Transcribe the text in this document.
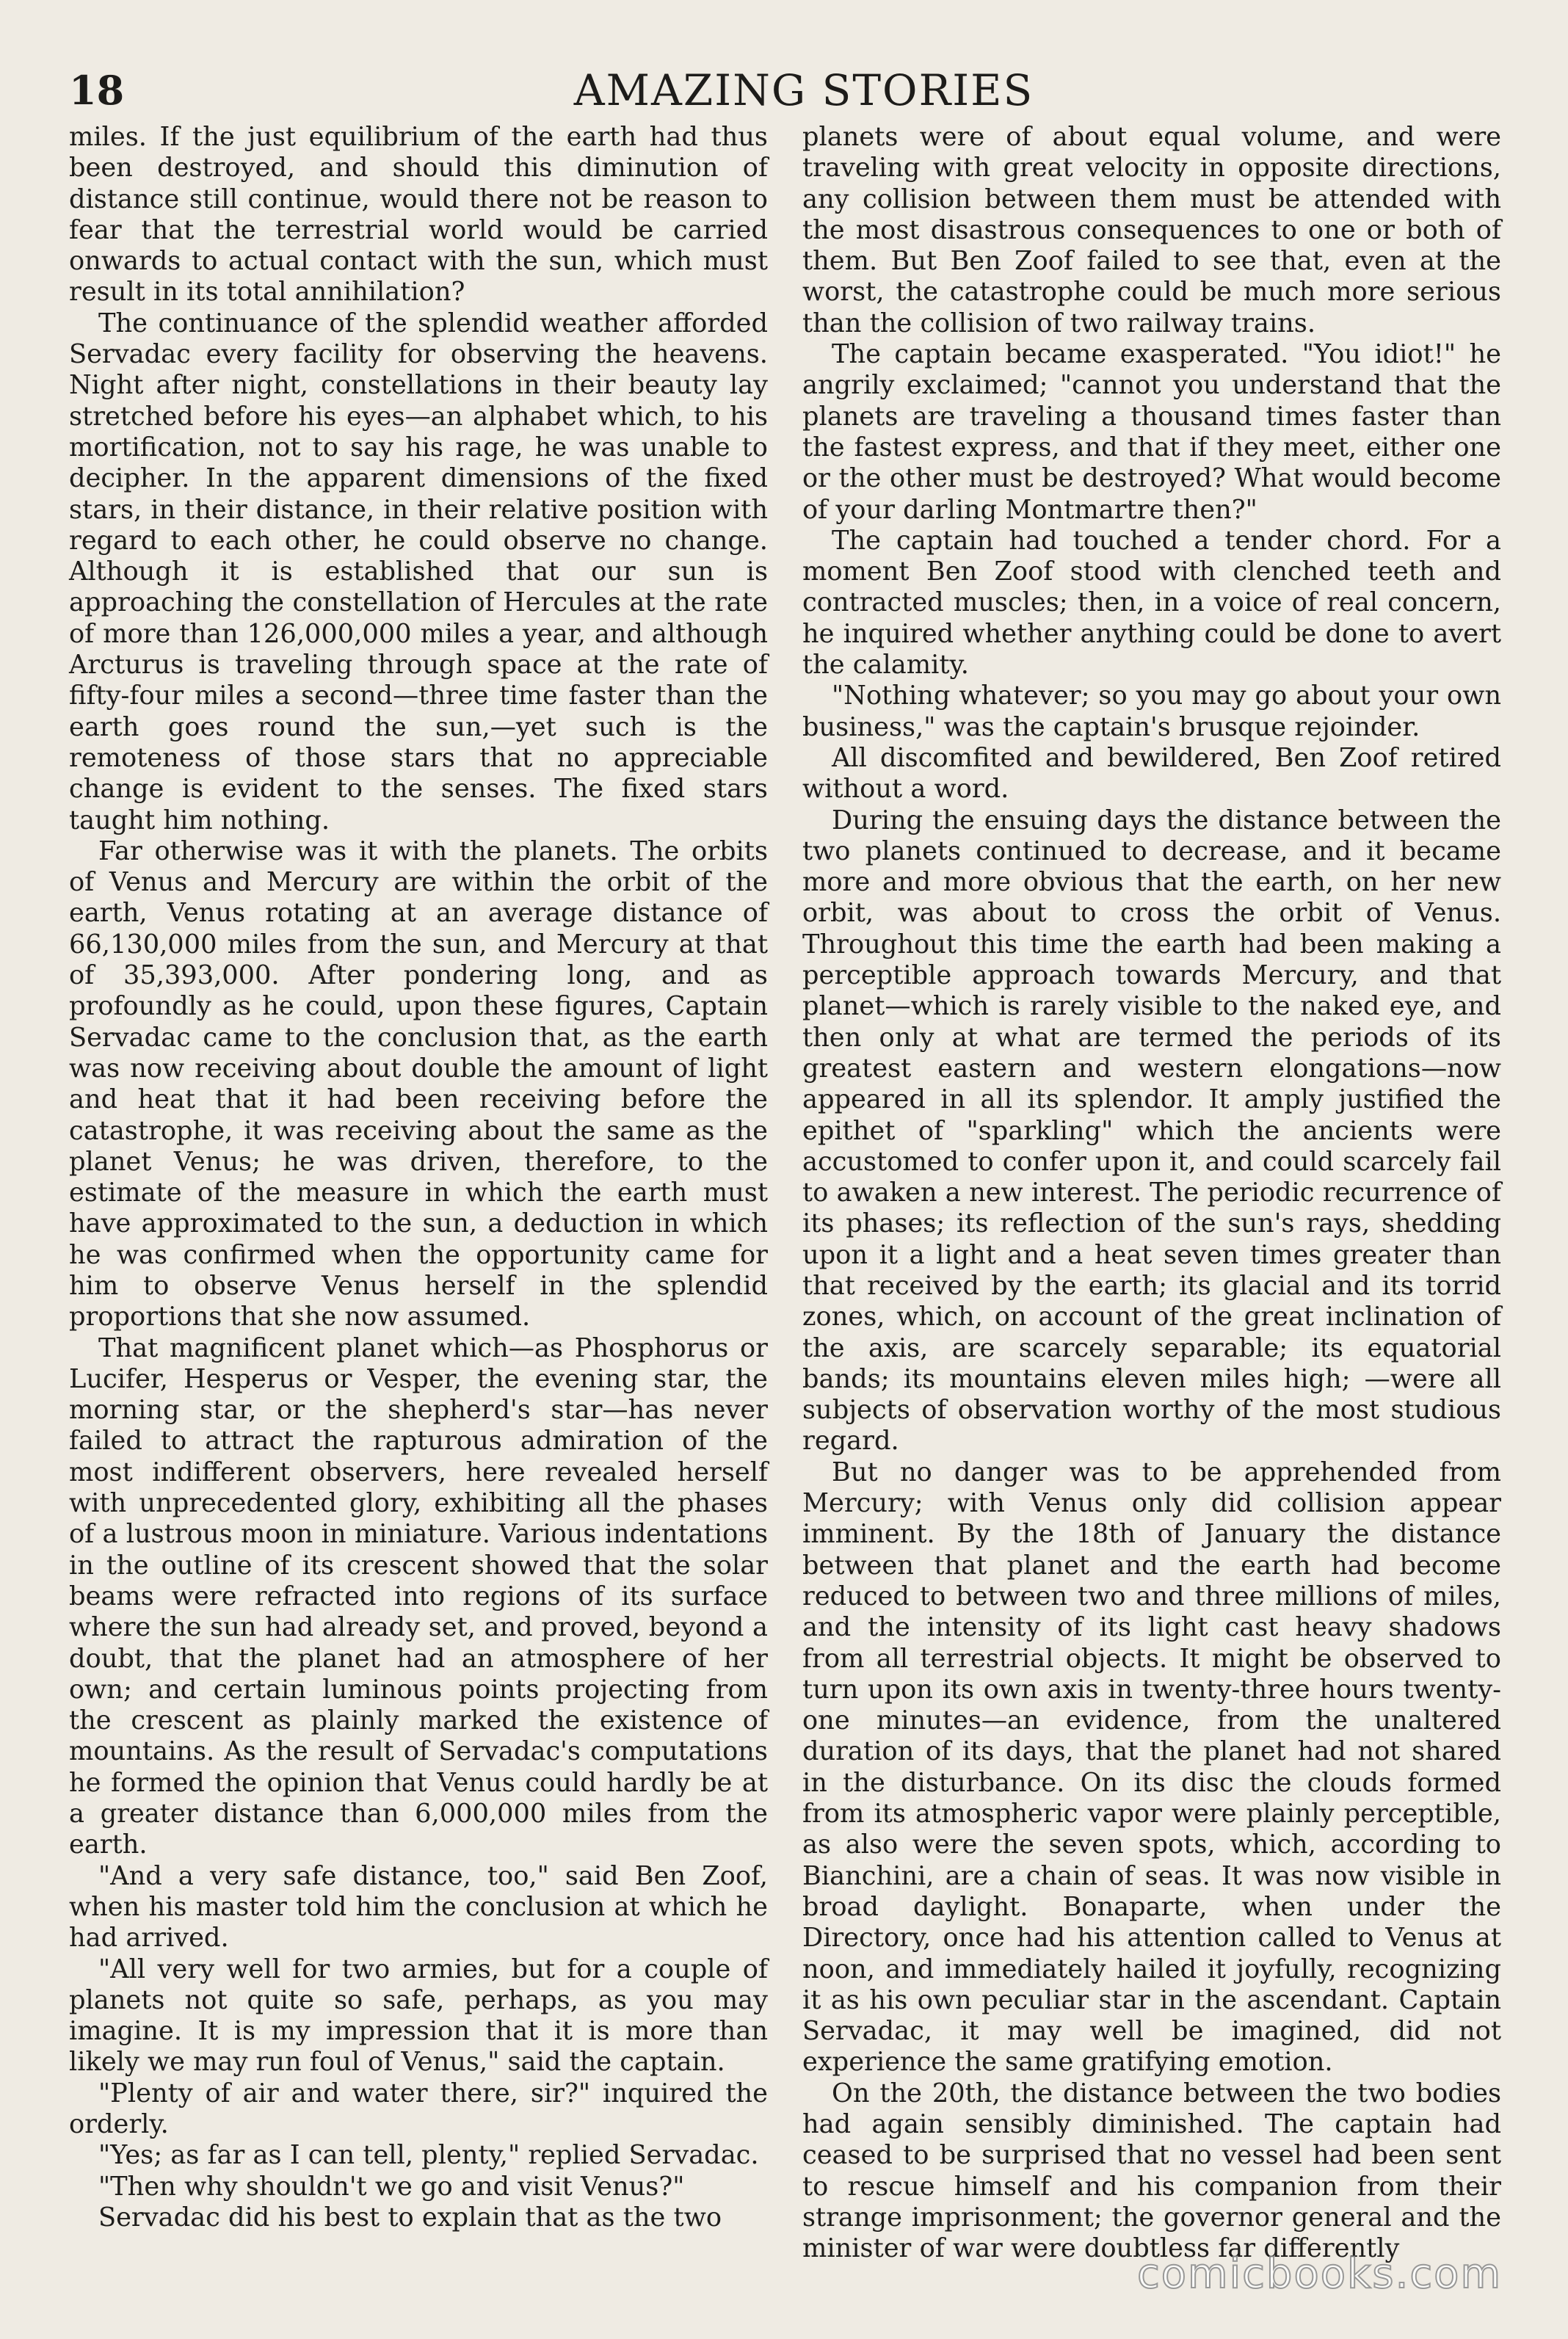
18	AMAZING STORIES

miles. If the just equilibrium of the earth had thus been destroyed, and should this diminution of distance still continue, would there not be reason to fear that the terrestrial world would be carried onwards to actual contact with the sun, which must result in its total annihilation?

The continuance of the splendid weather afforded Servadac every facility for observing the heavens. Night after night, constellations in their beauty lay stretched before his eyes—an alphabet which, to his mortification, not to say his rage, he was unable to decipher. In the apparent dimensions of the fixed stars, in their distance, in their relative position with regard to each other, he could observe no change. Although it is established that our sun is approaching the constellation of Hercules at the rate of more than 126,000,000 miles a year, and although Arcturus is traveling through space at the rate of fifty-four miles a second—three time faster than the earth goes round the sun,—yet such is the remoteness of those stars that no appreciable change is evident to the senses. The fixed stars taught him nothing.

Far otherwise was it with the planets. The orbits of Venus and Mercury are within the orbit of the earth, Venus rotating at an average distance of 66,130,000 miles from the sun, and Mercury at that of 35,393,000. After pondering long, and as profoundly as he could, upon these figures, Captain Servadac came to the conclusion that, as the earth was now receiving about double the amount of light and heat that it had been receiving before the catastrophe, it was receiving about the same as the planet Venus; he was driven, therefore, to the estimate of the measure in which the earth must have approximated to the sun, a deduction in which he was confirmed when the opportunity came for him to observe Venus herself in the splendid proportions that she now assumed.

That magnificent planet which—as Phosphorus or Lucifer, Hesperus or Vesper, the evening star, the morning star, or the shepherd's star—has never failed to attract the rapturous admiration of the most indifferent observers, here revealed herself with unprecedented glory, exhibiting all the phases of a lustrous moon in miniature. Various indentations in the outline of its crescent showed that the solar beams were refracted into regions of its surface where the sun had already set, and proved, beyond a doubt, that the planet had an atmosphere of her own; and certain luminous points projecting from the crescent as plainly marked the existence of mountains. As the result of Servadac's computations he formed the opinion that Venus could hardly be at a greater distance than 6,000,000 miles from the earth.

"And a very safe distance, too," said Ben Zoof, when his master told him the conclusion at which he had arrived.

"All very well for two armies, but for a couple of planets not quite so safe, perhaps, as you may imagine. It is my impression that it is more than likely we may run foul of Venus," said the captain.

"Plenty of air and water there, sir?" inquired the orderly.

"Yes; as far as I can tell, plenty," replied Servadac.

"Then why shouldn't we go and visit Venus?"

Servadac did his best to explain that as the two

planets were of about equal volume, and were traveling with great velocity in opposite directions, any collision between them must be attended with the most disastrous consequences to one or both of them. But Ben Zoof failed to see that, even at the worst, the catastrophe could be much more serious than the collision of two railway trains.

The captain became exasperated. "You idiot!" he angrily exclaimed; "cannot you understand that the planets are traveling a thousand times faster than the fastest express, and that if they meet, either one or the other must be destroyed? What would become of your darling Montmartre then?"

The captain had touched a tender chord. For a moment Ben Zoof stood with clenched teeth and contracted muscles; then, in a voice of real concern, he inquired whether anything could be done to avert the calamity.

"Nothing whatever; so you may go about your own business," was the captain's brusque rejoinder.

All discomfited and bewildered, Ben Zoof retired without a word.

During the ensuing days the distance between the two planets continued to decrease, and it became more and more obvious that the earth, on her new orbit, was about to cross the orbit of Venus. Throughout this time the earth had been making a perceptible approach towards Mercury, and that planet—which is rarely visible to the naked eye, and then only at what are termed the periods of its greatest eastern and western elongations—now appeared in all its splendor. It amply justified the epithet of "sparkling" which the ancients were accustomed to confer upon it, and could scarcely fail to awaken a new interest. The periodic recurrence of its phases; its reflection of the sun's rays, shedding upon it a light and a heat seven times greater than that received by the earth; its glacial and its torrid zones, which, on account of the great inclination of the axis, are scarcely separable; its equatorial bands; its mountains eleven miles high; —were all subjects of observation worthy of the most studious regard.

But no danger was to be apprehended from Mercury; with Venus only did collision appear imminent. By the 18th of January the distance between that planet and the earth had become reduced to between two and three millions of miles, and the intensity of its light cast heavy shadows from all terrestrial objects. It might be observed to turn upon its own axis in twenty-three hours twenty-one minutes—an evidence, from the unaltered duration of its days, that the planet had not shared in the disturbance. On its disc the clouds formed from its atmospheric vapor were plainly perceptible, as also were the seven spots, which, according to Bianchini, are a chain of seas. It was now visible in broad daylight. Bonaparte, when under the Directory, once had his attention called to Venus at noon, and immediately hailed it joyfully, recognizing it as his own peculiar star in the ascendant. Captain Servadac, it may well be imagined, did not experience the same gratifying emotion.

On the 20th, the distance between the two bodies had again sensibly diminished. The captain had ceased to be surprised that no vessel had been sent to rescue himself and his companion from their strange imprisonment; the governor general and the minister of war were doubtless far differently

comicbooks.com
